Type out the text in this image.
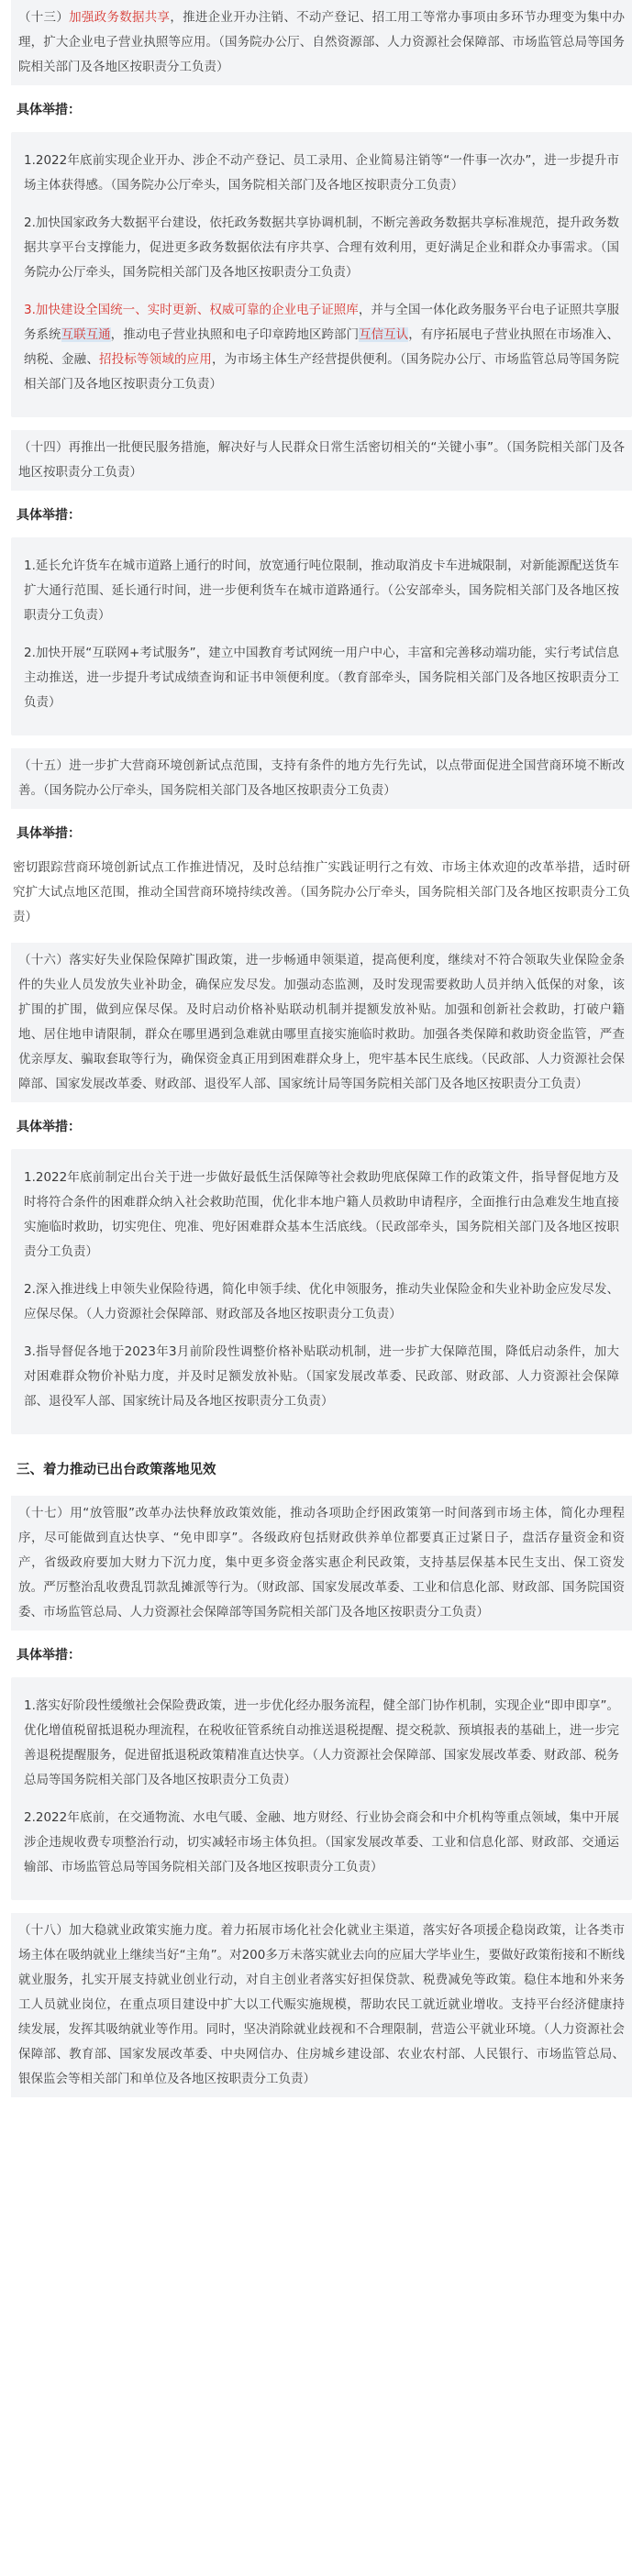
（十三）加强政务数据共享，推进企业开办注销、不动产登记、招工用工等常办事项由多环节办理变为集中办理，扩大企业电子营业执照等应用。（国务院办公厅、自然资源部、人力资源社会保障部、市场监管总局等国务院相关部门及各地区按职责分工负责）

具体举措：

1.2022年底前实现企业开办、涉企不动产登记、员工录用、企业简易注销等“一件事一次办”，进一步提升市场主体获得感。（国务院办公厅牵头，国务院相关部门及各地区按职责分工负责）

2.加快国家政务大数据平台建设，依托政务数据共享协调机制，不断完善政务数据共享标准规范，提升政务数据共享平台支撑能力，促进更多政务数据依法有序共享、合理有效利用，更好满足企业和群众办事需求。（国务院办公厅牵头，国务院相关部门及各地区按职责分工负责）

3.加快建设全国统一、实时更新、权威可靠的企业电子证照库，并与全国一体化政务服务平台电子证照共享服务系统互联互通，推动电子营业执照和电子印章跨地区跨部门互信互认，有序拓展电子营业执照在市场准入、纳税、金融、招投标等领域的应用，为市场主体生产经营提供便利。（国务院办公厅、市场监管总局等国务院相关部门及各地区按职责分工负责）

（十四）再推出一批便民服务措施，解决好与人民群众日常生活密切相关的“关键小事”。（国务院相关部门及各地区按职责分工负责）

具体举措：

1.延长允许货车在城市道路上通行的时间，放宽通行吨位限制，推动取消皮卡车进城限制，对新能源配送货车扩大通行范围、延长通行时间，进一步便利货车在城市道路通行。（公安部牵头，国务院相关部门及各地区按职责分工负责）

2.加快开展“互联网+考试服务”，建立中国教育考试网统一用户中心，丰富和完善移动端功能，实行考试信息主动推送，进一步提升考试成绩查询和证书申领便利度。（教育部牵头，国务院相关部门及各地区按职责分工负责）

（十五）进一步扩大营商环境创新试点范围，支持有条件的地方先行先试，以点带面促进全国营商环境不断改善。（国务院办公厅牵头，国务院相关部门及各地区按职责分工负责）

具体举措：

密切跟踪营商环境创新试点工作推进情况，及时总结推广实践证明行之有效、市场主体欢迎的改革举措，适时研究扩大试点地区范围，推动全国营商环境持续改善。（国务院办公厅牵头，国务院相关部门及各地区按职责分工负责）

（十六）落实好失业保险保障扩围政策，进一步畅通申领渠道，提高便利度，继续对不符合领取失业保险金条件的失业人员发放失业补助金，确保应发尽发。加强动态监测，及时发现需要救助人员并纳入低保的对象，该扩围的扩围，做到应保尽保。及时启动价格补贴联动机制并提额发放补贴。加强和创新社会救助，打破户籍地、居住地申请限制，群众在哪里遇到急难就由哪里直接实施临时救助。加强各类保障和救助资金监管，严查优亲厚友、骗取套取等行为，确保资金真正用到困难群众身上，兜牢基本民生底线。（民政部、人力资源社会保障部、国家发展改革委、财政部、退役军人部、国家统计局等国务院相关部门及各地区按职责分工负责）

具体举措：

1.2022年底前制定出台关于进一步做好最低生活保障等社会救助兜底保障工作的政策文件，指导督促地方及时将符合条件的困难群众纳入社会救助范围，优化非本地户籍人员救助申请程序，全面推行由急难发生地直接实施临时救助，切实兜住、兜准、兜好困难群众基本生活底线。（民政部牵头，国务院相关部门及各地区按职责分工负责）

2.深入推进线上申领失业保险待遇，简化申领手续、优化申领服务，推动失业保险金和失业补助金应发尽发、应保尽保。（人力资源社会保障部、财政部及各地区按职责分工负责）

3.指导督促各地于2023年3月前阶段性调整价格补贴联动机制，进一步扩大保障范围，降低启动条件，加大对困难群众物价补贴力度，并及时足额发放补贴。（国家发展改革委、民政部、财政部、人力资源社会保障部、退役军人部、国家统计局及各地区按职责分工负责）

三、着力推动已出台政策落地见效

（十七）用“放管服”改革办法快释放政策效能，推动各项助企纾困政策第一时间落到市场主体，简化办理程序，尽可能做到直达快享、“免申即享”。各级政府包括财政供养单位都要真正过紧日子，盘活存量资金和资产，省级政府要加大财力下沉力度，集中更多资金落实惠企利民政策，支持基层保基本民生支出、保工资发放。严厉整治乱收费乱罚款乱摊派等行为。（财政部、国家发展改革委、工业和信息化部、财政部、国务院国资委、市场监管总局、人力资源社会保障部等国务院相关部门及各地区按职责分工负责）

具体举措：

1.落实好阶段性缓缴社会保险费政策，进一步优化经办服务流程，健全部门协作机制，实现企业“即申即享”。优化增值税留抵退税办理流程，在税收征管系统自动推送退税提醒、提交税款、预填报表的基础上，进一步完善退税提醒服务，促进留抵退税政策精准直达快享。（人力资源社会保障部、国家发展改革委、财政部、税务总局等国务院相关部门及各地区按职责分工负责）

2.2022年底前，在交通物流、水电气暖、金融、地方财经、行业协会商会和中介机构等重点领域，集中开展涉企违规收费专项整治行动，切实减轻市场主体负担。（国家发展改革委、工业和信息化部、财政部、交通运输部、市场监管总局等国务院相关部门及各地区按职责分工负责）

（十八）加大稳就业政策实施力度。着力拓展市场化社会化就业主渠道，落实好各项援企稳岗政策，让各类市场主体在吸纳就业上继续当好“主角”。对200多万未落实就业去向的应届大学毕业生，要做好政策衔接和不断线就业服务，扎实开展支持就业创业行动，对自主创业者落实好担保贷款、税费减免等政策。稳住本地和外来务工人员就业岗位，在重点项目建设中扩大以工代赈实施规模，帮助农民工就近就业增收。支持平台经济健康持续发展，发挥其吸纳就业等作用。同时，坚决消除就业歧视和不合理限制，营造公平就业环境。（人力资源社会保障部、教育部、国家发展改革委、中央网信办、住房城乡建设部、农业农村部、人民银行、市场监管总局、银保监会等相关部门和单位及各地区按职责分工负责）
